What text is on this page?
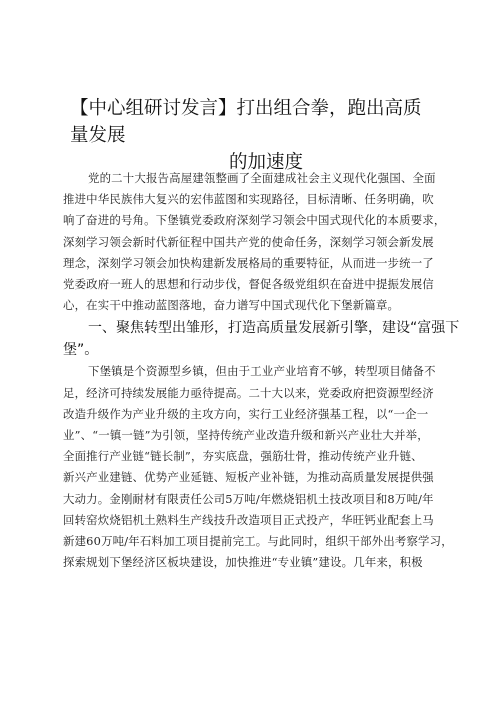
【中心组研讨发言】打出组合拳，跑出高质量发展
的加速度
党的二十大报告高屋建瓴整画了全面建成社会主义现代化强国、全面
推进中华民族伟大复兴的宏伟蓝图和实现路径，目标清晰、任务明确，吹
响了奋进的号角。下堡镇党委政府深刻学习领会中国式现代化的本质要求，
深刻学习领会新时代新征程中国共产党的使命任务，深刻学习领会新发展
理念，深刻学习领会加快构建新发展格局的重要特征，从而进一步统一了
党委政府一班人的思想和行动步伐，督促各级党组织在奋进中提振发展信
心，在实干中推动蓝图落地，奋力谱写中国式现代化下堡新篇章。
一、聚焦转型出雏形，打造高质量发展新引擎，建设“富强下
堡”。
下堡镇是个资源型乡镇，但由于工业产业培育不够，转型项目储备不
足，经济可持续发展能力亟待提高。二十大以来，党委政府把资源型经济
改造升级作为产业升级的主攻方向，实行工业经济强基工程，以“一企一
业”、“一镇一链”为引领，坚持传统产业改造升级和新兴产业壮大并举，
全面推行产业链“链长制”，夯实底盘，强筋壮骨，推动传统产业升链、
新兴产业建链、优势产业延链、短板产业补链，为推动高质量发展提供强
大动力。金刚耐材有限责任公司5万吨/年燃烧铝机土技改项目和8万吨/年
回转窑炊烧铝机土熟料生产线技升改造项目正式投产，华旺钙业配套上马
新建60万吨/年石料加工项目提前完工。与此同时，组织干部外出考察学习，
探索规划下堡经济区板块建设，加快推进“专业镇”建设。几年来，积极
